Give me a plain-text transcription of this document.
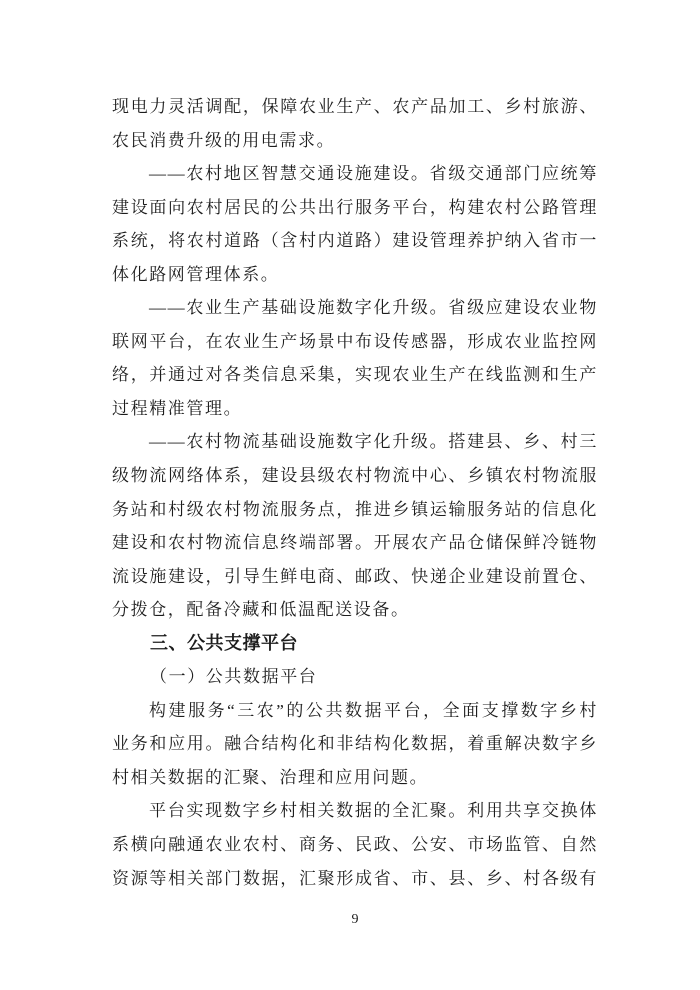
现电力灵活调配，保障农业生产、农产品加工、乡村旅游、
农民消费升级的用电需求。
——农村地区智慧交通设施建设。省级交通部门应统筹
建设面向农村居民的公共出行服务平台，构建农村公路管理
系统，将农村道路（含村内道路）建设管理养护纳入省市一
体化路网管理体系。
——农业生产基础设施数字化升级。省级应建设农业物
联网平台，在农业生产场景中布设传感器，形成农业监控网
络，并通过对各类信息采集，实现农业生产在线监测和生产
过程精准管理。
——农村物流基础设施数字化升级。搭建县、乡、村三
级物流网络体系，建设县级农村物流中心、乡镇农村物流服
务站和村级农村物流服务点，推进乡镇运输服务站的信息化
建设和农村物流信息终端部署。开展农产品仓储保鲜冷链物
流设施建设，引导生鲜电商、邮政、快递企业建设前置仓、
分拨仓，配备冷藏和低温配送设备。
三、公共支撑平台
（一）公共数据平台
构建服务“三农”的公共数据平台，全面支撑数字乡村
业务和应用。融合结构化和非结构化数据，着重解决数字乡
村相关数据的汇聚、治理和应用问题。
平台实现数字乡村相关数据的全汇聚。利用共享交换体
系横向融通农业农村、商务、民政、公安、市场监管、自然
资源等相关部门数据，汇聚形成省、市、县、乡、村各级有
9
